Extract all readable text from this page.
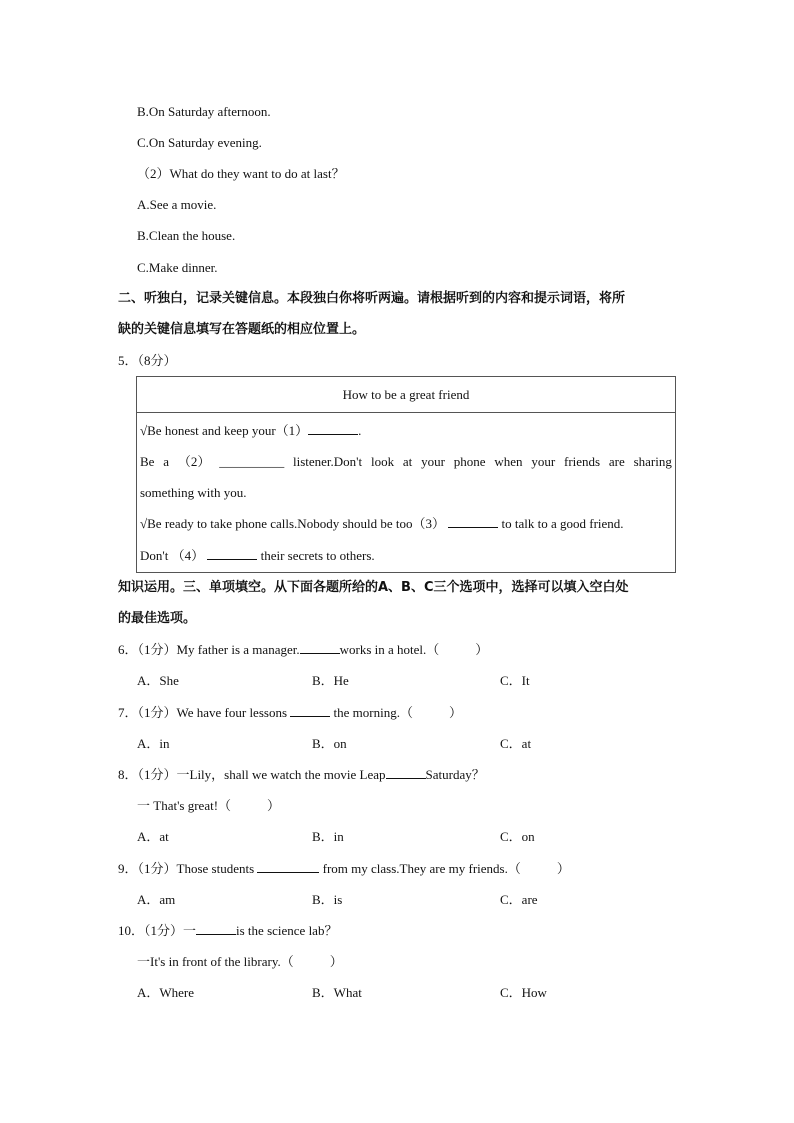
B.On Saturday afternoon.
C.On Saturday evening.
（2）What do they want to do at last？
A.See a movie.
B.Clean the house.
C.Make dinner.
二、听独白，记录关键信息。本段独白你将听两遍。请根据听到的内容和提示词语，将所
缺的关键信息填写在答题纸的相应位置上。
5．（8分）
How to be a great friend

√Be honest and keep your（1）	.
Be a （2） __________ listener.Don't look at your phone when your friends are sharing
something with you.
√Be ready to take phone calls.Nobody should be too（3）	to talk to a good friend.
Don't （4）	their secrets to others.
知识运用。三、单项填空。从下面各题所给的A、B、C三个选项中，选择可以填入空白处
的最佳选项。
6．（1分）My father is a manager.	works in a hotel.（	）
A．She	B．He	C．It
7．（1分）We have four lessons	the morning.（	）
A．in	B．on	C．at
8．（1分）一Lily，shall we watch the movie Leap	Saturday？
一 That's great!（	）
A．at	B．in	C．on
9．（1分）Those students	from my class.They are my friends.（	）
A．am	B．is	C．are
10．（1分）一	is the science lab？
一It's in front of the library.（	）
A．Where	B．What	C．How
